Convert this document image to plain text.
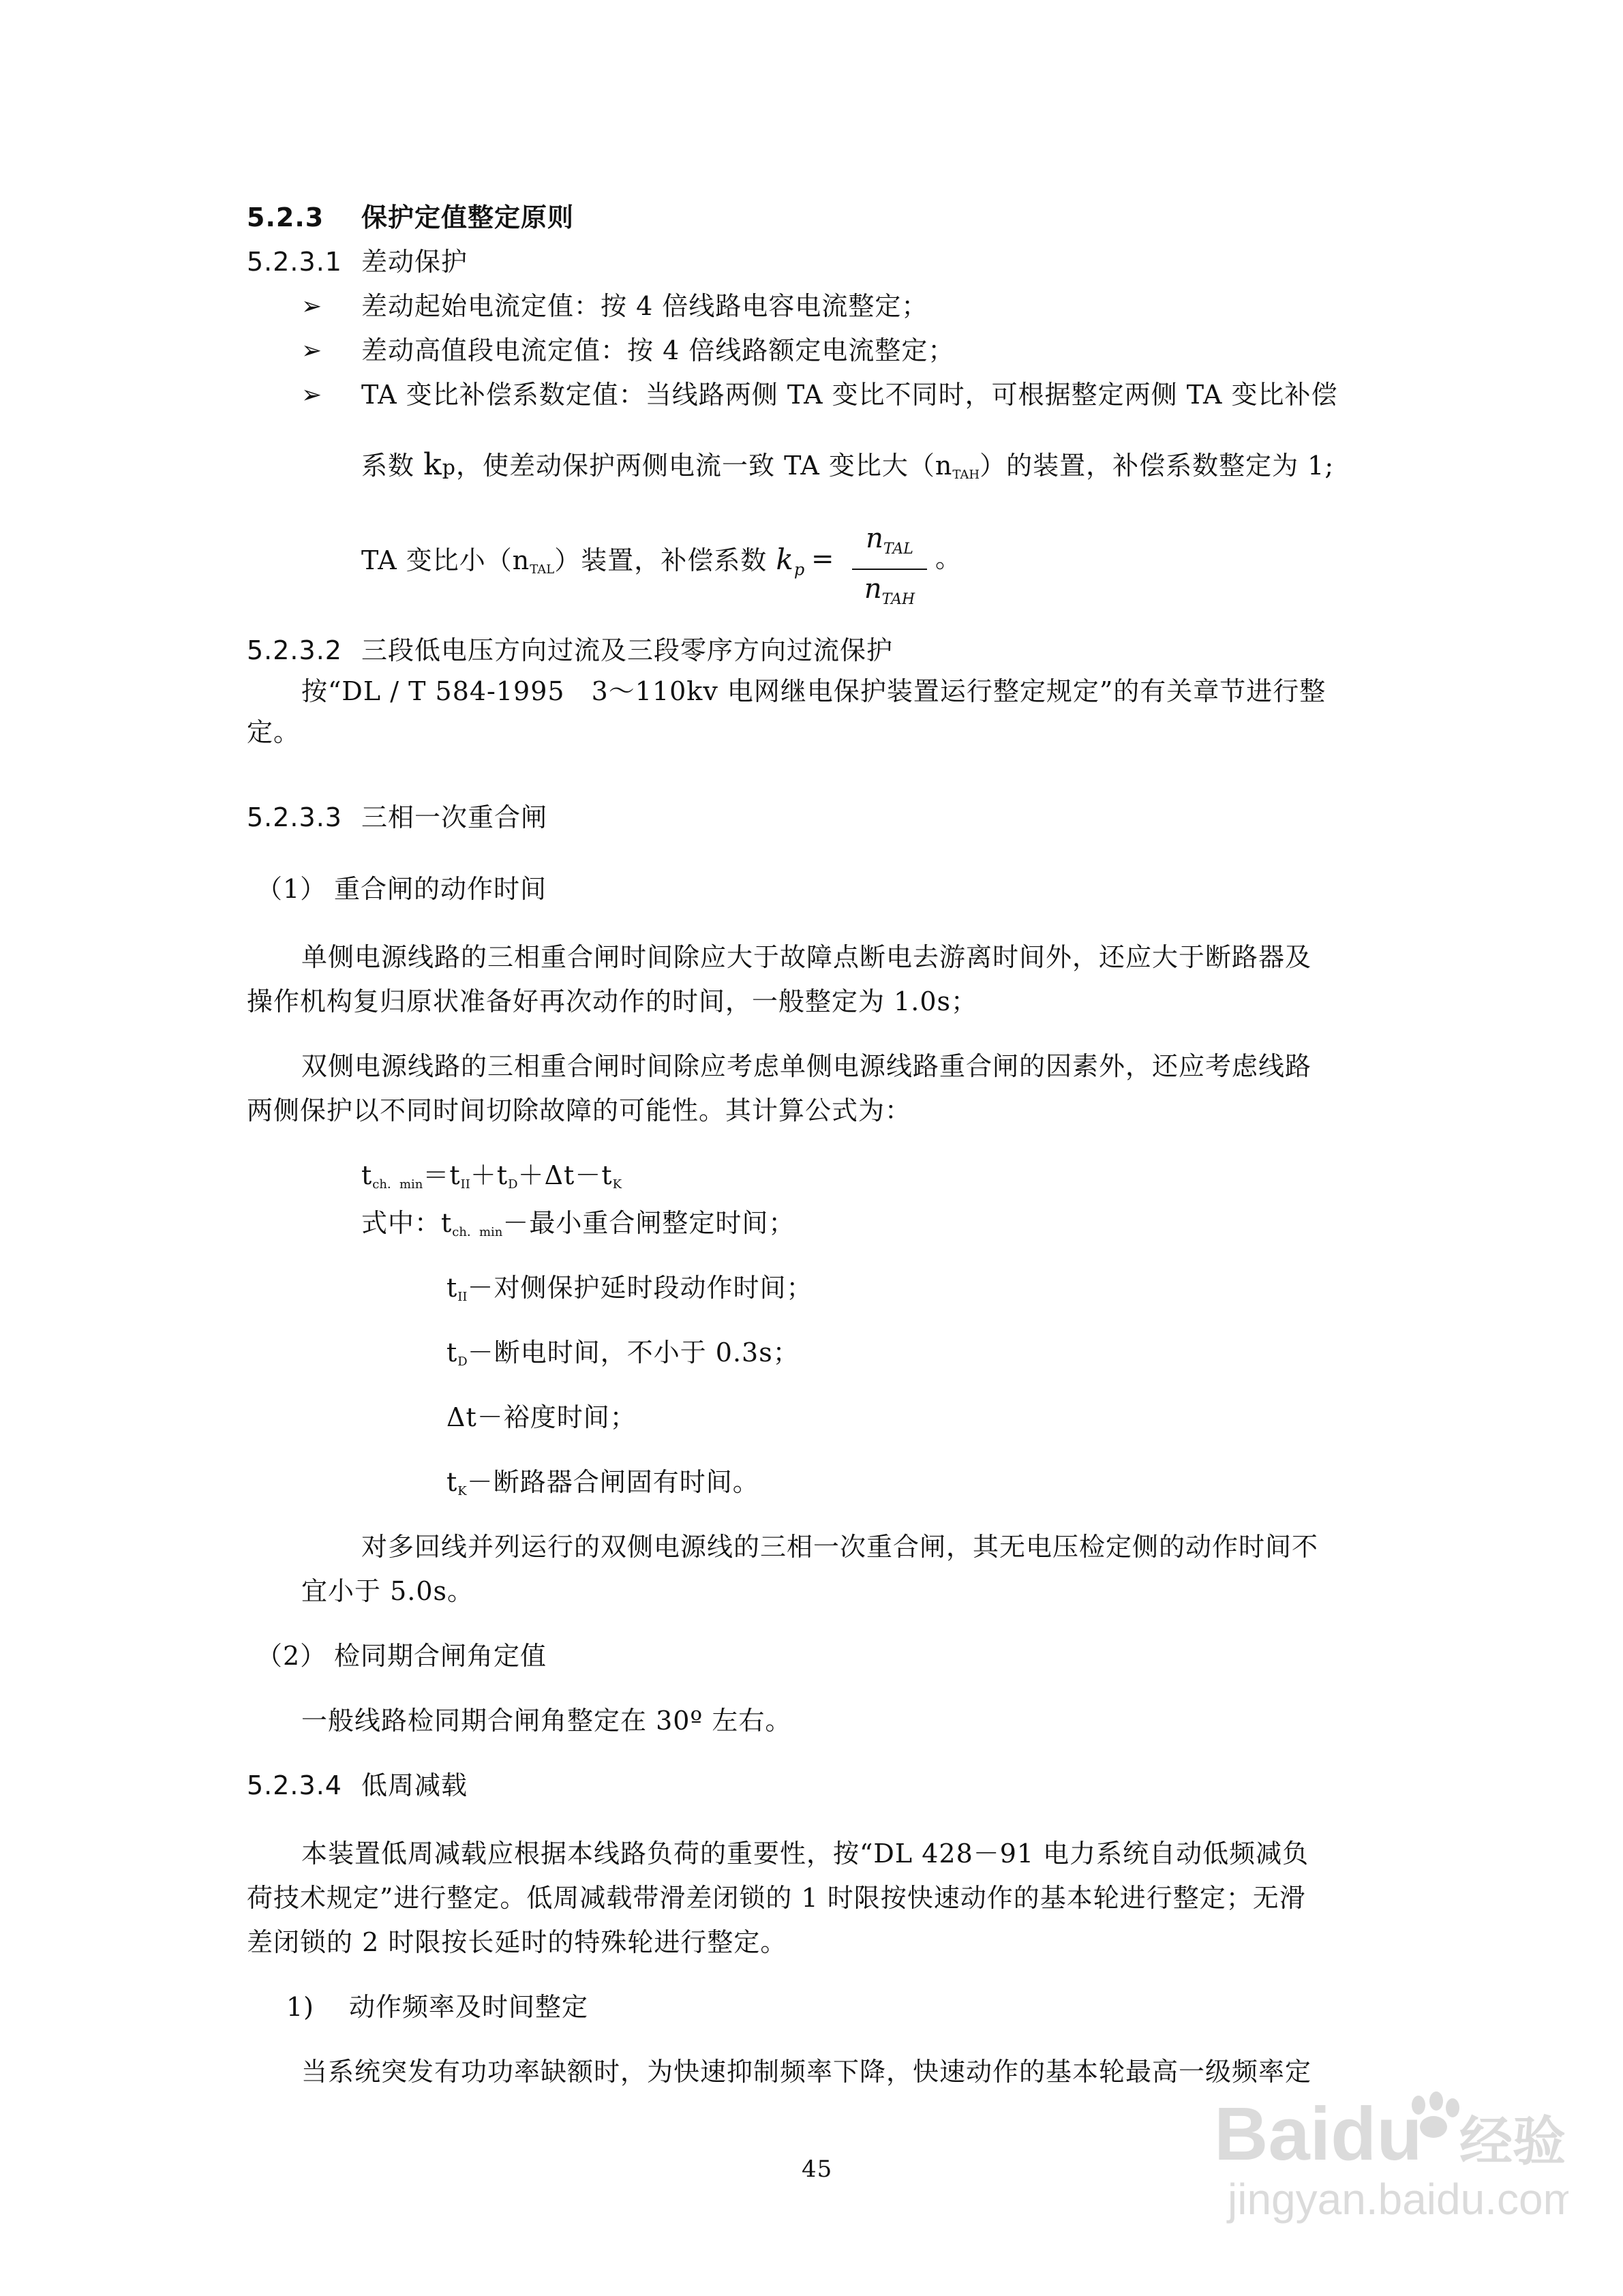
5.2.3 保护定值整定原则
5.2.3.1 差动保护
➢ 差动起始电流定值：按 4 倍线路电容电流整定；
➢ 差动高值段电流定值：按 4 倍线路额定电流整定；
➢ TA 变比补偿系数定值：当线路两侧 TA 变比不同时，可根据整定两侧 TA 变比补偿
系数 kp，使差动保护两侧电流一致 TA 变比大$(n_{TAH})$的装置，补偿系数整定为 1;
TA 变比小$(n_{TAL})$装置，补偿系数 $k_p$ =
$n_{TAL}$
$n_{TAH}$
。
5.2.3.2 三段低电压方向过流及三段零序方向过流保护
按“DL / T 584-1995　3～110kv 电网继电保护装置运行整定规定”的有关章节进行整
定。
5.2.3.3 三相一次重合闸
（1） 重合闸的动作时间
单侧电源线路的三相重合闸时间除应大于故障点断电去游离时间外，还应大于断路器及
操作机构复归原状准备好再次动作的时间，一般整定为 1.0s；
双侧电源线路的三相重合闸时间除应考虑单侧电源线路重合闸的因素外，还应考虑线路
两侧保护以不同时间切除故障的可能性。其计算公式为：
$t_{ch.min}=t_{II}+t_D+\Delta t-t_K$
式中：$t_{ch.min}-$最小重合闸整定时间；
$t_{II}-$对侧保护延时段动作时间；
$t_D-$断电时间，不小于 0.3s；
Δt－裕度时间；
$t_K-$断路器合闸固有时间。
对多回线并列运行的双侧电源线的三相一次重合闸，其无电压检定侧的动作时间不
宜小于 5.0s。
（2） 检同期合闸角定值
一般线路检同期合闸角整定在 30º 左右。
5.2.3.4 低周减载
本装置低周减载应根据本线路负荷的重要性，按“DL 428－91 电力系统自动低频减负
荷技术规定”进行整定。低周减载带滑差闭锁的 1 时限按快速动作的基本轮进行整定；无滑
差闭锁的 2 时限按长延时的特殊轮进行整定。
1) 动作频率及时间整定
当系统突发有功功率缺额时，为快速抑制频率下降，快速动作的基本轮最高一级频率定
45	Baidu 经验
jingyan.baidu.com
